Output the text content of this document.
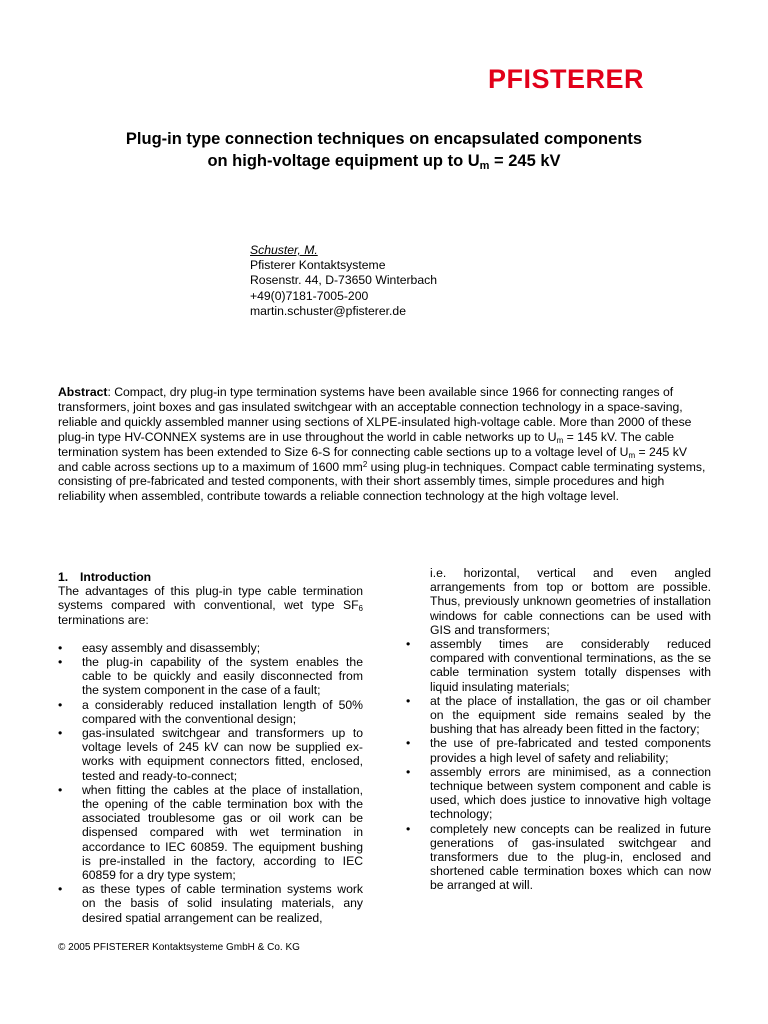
PFISTERER
Plug-in type connection techniques on encapsulated components
on high-voltage equipment up to $U_m = 245$ kV
Schuster, M.
Pfisterer Kontaktsysteme
Rosenstr. 44, D-73650 Winterbach
+49(0)7181-7005-200
martin.schuster@pfisterer.de
Abstract: Compact, dry plug-in type termination systems have been available since 1966 for connecting ranges of transformers, joint boxes and gas insulated switchgear with an acceptable connection technology in a space-saving, reliable and quickly assembled manner using sections of XLPE-insulated high-voltage cable. More than 2000 of these plug-in type HV-CONNEX systems are in use throughout the world in cable networks up to $U_m = 145$ kV. The cable termination system has been extended to Size 6-S for connecting cable sections up to a voltage level of $U_m = 245$ kV and cable across sections up to a maximum of 1600 $mm^2$ using plug-in techniques. Compact cable terminating systems, consisting of pre-fabricated and tested components, with their short assembly times, simple procedures and high reliability when assembled, contribute towards a reliable connection technology at the high voltage level.
1. Introduction

The advantages of this plug-in type cable termination systems compared with conventional, wet type $SF_6$ terminations are:

• easy assembly and disassembly;
• the plug-in capability of the system enables the cable to be quickly and easily disconnected from the system component in the case of a fault;
• a considerably reduced installation length of 50% compared with the conventional design;
• gas-insulated switchgear and transformers up to voltage levels of 245 kV can now be supplied ex-works with equipment connectors fitted, enclosed, tested and ready-to-connect;
• when fitting the cables at the place of installation, the opening of the cable termination box with the associated troublesome gas or oil work can be dispensed compared with wet termination in accordance to IEC 60859. The equipment bushing is pre-installed in the factory, according to IEC 60859 for a dry type system;
• as these types of cable termination systems work on the basis of solid insulating materials, any desired spatial arrangement can be realized,
i.e. horizontal, vertical and even angled arrangements from top or bottom are possible. Thus, previously unknown geometries of installation windows for cable connections can be used with GIS and transformers;
• assembly times are considerably reduced compared with conventional terminations, as the se cable termination system totally dispenses with liquid insulating materials;
• at the place of installation, the gas or oil chamber on the equipment side remains sealed by the bushing that has already been fitted in the factory;
• the use of pre-fabricated and tested components provides a high level of safety and reliability;
• assembly errors are minimised, as a connection technique between system component and cable is used, which does justice to innovative high voltage technology;
• completely new concepts can be realized in future generations of gas-insulated switchgear and transformers due to the plug-in, enclosed and shortened cable termination boxes which can now be arranged at will.
© 2005 PFISTERER Kontaktsysteme GmbH & Co. KG
